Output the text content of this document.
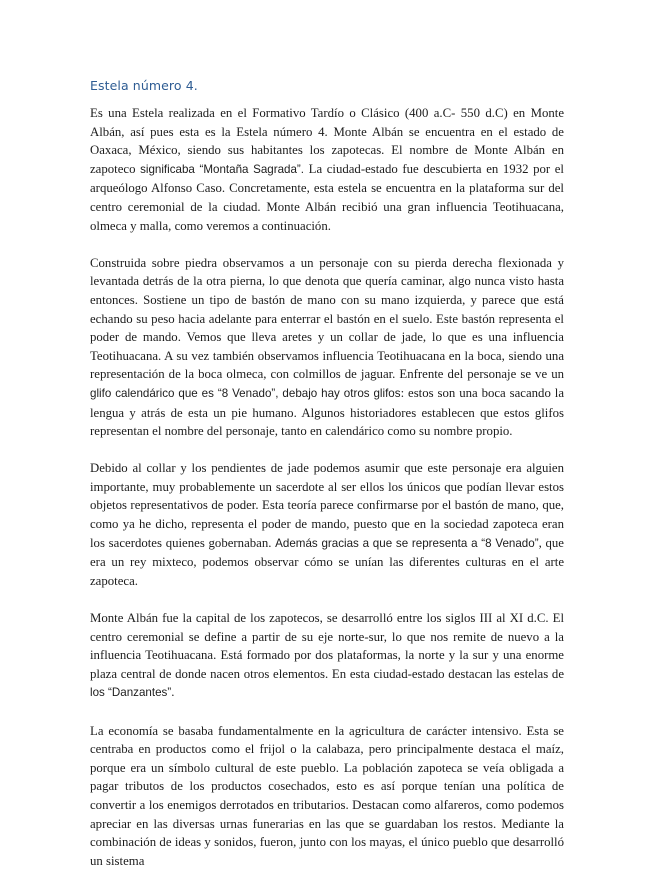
Estela número 4.

Es una Estela realizada en el Formativo Tardío o Clásico (400 a.C- 550 d.C) en Monte Albán, así pues esta es la Estela número 4. Monte Albán se encuentra en el estado de Oaxaca, México, siendo sus habitantes los zapotecas. El nombre de Monte Albán en zapoteco significaba “Montaña Sagrada”. La ciudad-estado fue descubierta en 1932 por el arqueólogo Alfonso Caso. Concretamente, esta estela se encuentra en la plataforma sur del centro ceremonial de la ciudad. Monte Albán recibió una gran influencia Teotihuacana, olmeca y malla, como veremos a continuación.

Construida sobre piedra observamos a un personaje con su pierda derecha flexionada y levantada detrás de la otra pierna, lo que denota que quería caminar, algo nunca visto hasta entonces. Sostiene un tipo de bastón de mano con su mano izquierda, y parece que está echando su peso hacia adelante para enterrar el bastón en el suelo. Este bastón representa el poder de mando. Vemos que lleva aretes y un collar de jade, lo que es una influencia Teotihuacana. A su vez también observamos influencia Teotihuacana en la boca, siendo una representación de la boca olmeca, con colmillos de jaguar. Enfrente del personaje se ve un glifo calendárico que es “8 Venado”, debajo hay otros glifos: estos son una boca sacando la lengua y atrás de esta un pie humano. Algunos historiadores establecen que estos glifos representan el nombre del personaje, tanto en calendárico como su nombre propio.

Debido al collar y los pendientes de jade podemos asumir que este personaje era alguien importante, muy probablemente un sacerdote al ser ellos los únicos que podían llevar estos objetos representativos de poder. Esta teoría parece confirmarse por el bastón de mano, que, como ya he dicho, representa el poder de mando, puesto que en la sociedad zapoteca eran los sacerdotes quienes gobernaban. Además gracias a que se representa a “8 Venado”, que era un rey mixteco, podemos observar cómo se unían las diferentes culturas en el arte zapoteca.

Monte Albán fue la capital de los zapotecos, se desarrolló entre los siglos III al XI d.C. El centro ceremonial se define a partir de su eje norte-sur, lo que nos remite de nuevo a la influencia Teotihuacana. Está formado por dos plataformas, la norte y la sur y una enorme plaza central de donde nacen otros elementos. En esta ciudad-estado destacan las estelas de los “Danzantes”.

La economía se basaba fundamentalmente en la agricultura de carácter intensivo. Esta se centraba en productos como el frijol o la calabaza, pero principalmente destaca el maíz, porque era un símbolo cultural de este pueblo. La población zapoteca se veía obligada a pagar tributos de los productos cosechados, esto es así porque tenían una política de convertir a los enemigos derrotados en tributarios. Destacan como alfareros, como podemos apreciar en las diversas urnas funerarias en las que se guardaban los restos. Mediante la combinación de ideas y sonidos, fueron, junto con los mayas, el único pueblo que desarrolló un sistema
